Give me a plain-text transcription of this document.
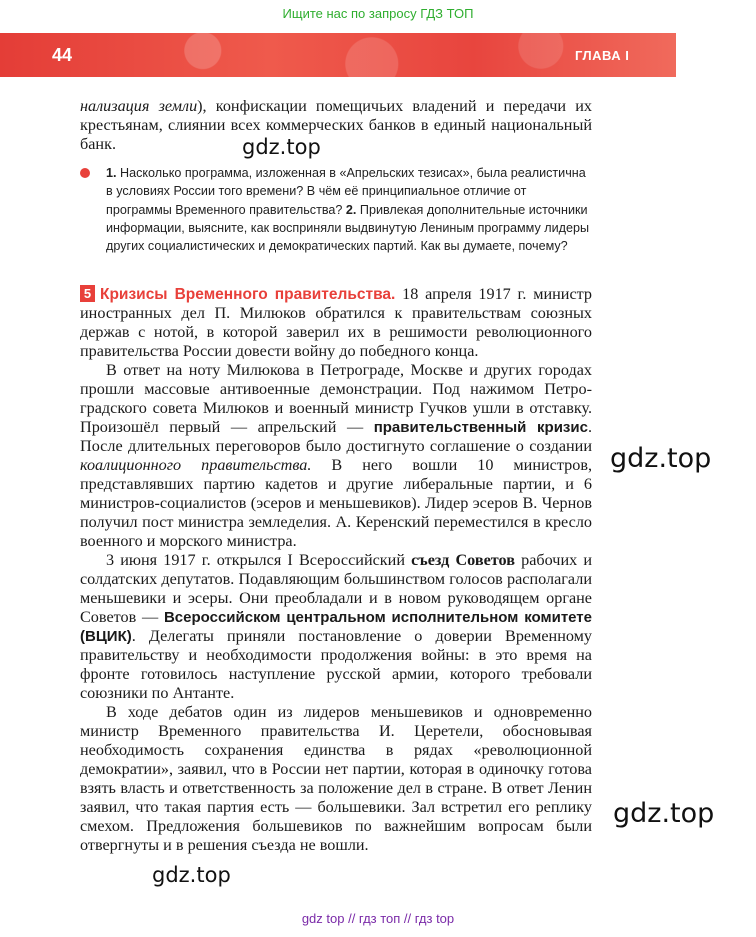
Ищите нас по запросу ГДЗ ТОП
44	ГЛАВА I

нализация земли), конфискации помещичьих владений и передачи их крестьянам, слиянии всех коммерческих банков в единый национальный банк.

1. Насколько программа, изложенная в «Апрельских тезисах», была реалистична в условиях России того времени? В чём её принципиальное отличие от программы Временного правительства? 2. Привлекая дополнительные источники информации, выясните, как восприняли выдвинутую Лениным программу лидеры других социалистических и демократических партий. Как вы думаете, почему?

5 Кризисы Временного правительства. 18 апреля 1917 г. министр иностранных дел П. Милюков обратился к правительствам союзных держав с нотой, в которой заверил их в решимости революционного правительства России довести войну до победного конца.

В ответ на ноту Милюкова в Петрограде, Москве и других городах прошли массовые антивоенные демонстрации. Под нажимом Петроградского совета Милюков и военный министр Гучков ушли в отставку. Произошёл первый — апрельский — правительственный кризис. После длительных переговоров было достигнуто соглашение о создании коалиционного правительства. В него вошли 10 министров, представлявших партию кадетов и другие либеральные партии, и 6 министров-социалистов (эсеров и меньшевиков). Лидер эсеров В. Чернов получил пост министра земледелия. А. Керенский переместился в кресло военного и морского министра.

3 июня 1917 г. открылся I Всероссийский съезд Советов рабочих и солдатских депутатов. Подавляющим большинством голосов располагали меньшевики и эсеры. Они преобладали и в новом руководящем органе Советов — Всероссийском центральном исполнительном комитете (ВЦИК). Делегаты приняли постановление о доверии Временному правительству и необходимости продолжения войны: в это время на фронте готовилось наступление русской армии, которого требовали союзники по Антанте.

В ходе дебатов один из лидеров меньшевиков и одновременно министр Временного правительства И. Церетели, обосновывая необходимость сохранения единства в рядах «революционной демократии», заявил, что в России нет партии, которая в одиночку готова взять власть и ответственность за положение дел в стране. В ответ Ленин заявил, что такая партия есть — большевики. Зал встретил его реплику смехом. Предложения большевиков по важнейшим вопросам были отвергнуты и в решения съезда не вошли.

gdz.top
gdz.top
gdz.top
gdz.top
gdz top // гдз топ // гдз top
